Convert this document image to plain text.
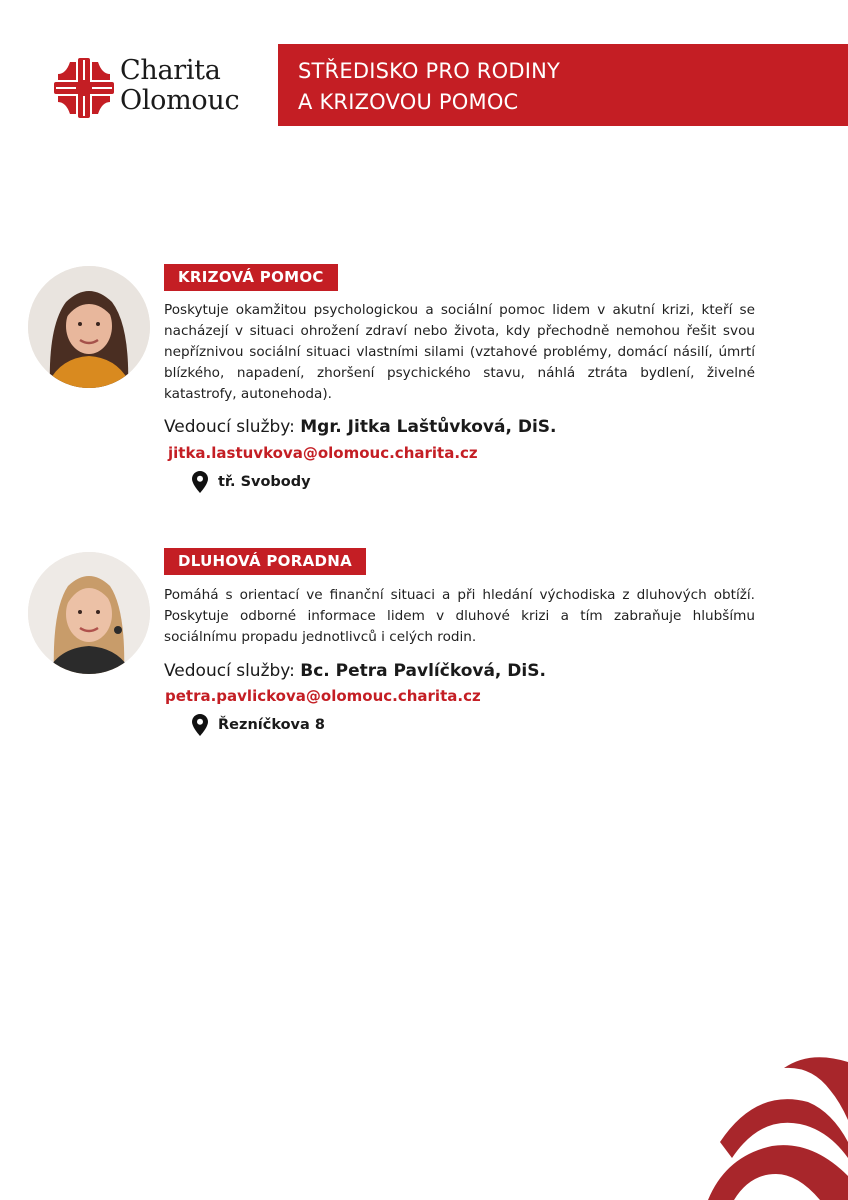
Charita
Olomouc
STŘEDISKO PRO RODINY
A KRIZOVOU POMOC
KRIZOVÁ POMOC
Poskytuje okamžitou psychologickou a sociální pomoc lidem v akutní krizi, kteří se nacházejí v situaci ohrožení zdraví nebo života, kdy přechodně nemohou řešit svou nepříznivou sociální situaci vlastními silami (vztahové problémy, domácí násilí, úmrtí blízkého, napadení, zhoršení psychického stavu, náhlá ztráta bydlení, živelné katastrofy, autonehoda).
Vedoucí služby: Mgr. Jitka Laštůvková, DiS.
jitka.lastuvkova@olomouc.charita.cz
tř. Svobody
DLUHOVÁ PORADNA
Pomáhá s orientací ve finanční situaci a při hledání východiska z dluhových obtíží. Poskytuje odborné informace lidem v dluhové krizi a tím zabraňuje hlubšímu sociálnímu propadu jednotlivců i celých rodin.
Vedoucí služby: Bc. Petra Pavlíčková, DiS.
petra.pavlickova@olomouc.charita.cz
Řezníčkova 8
